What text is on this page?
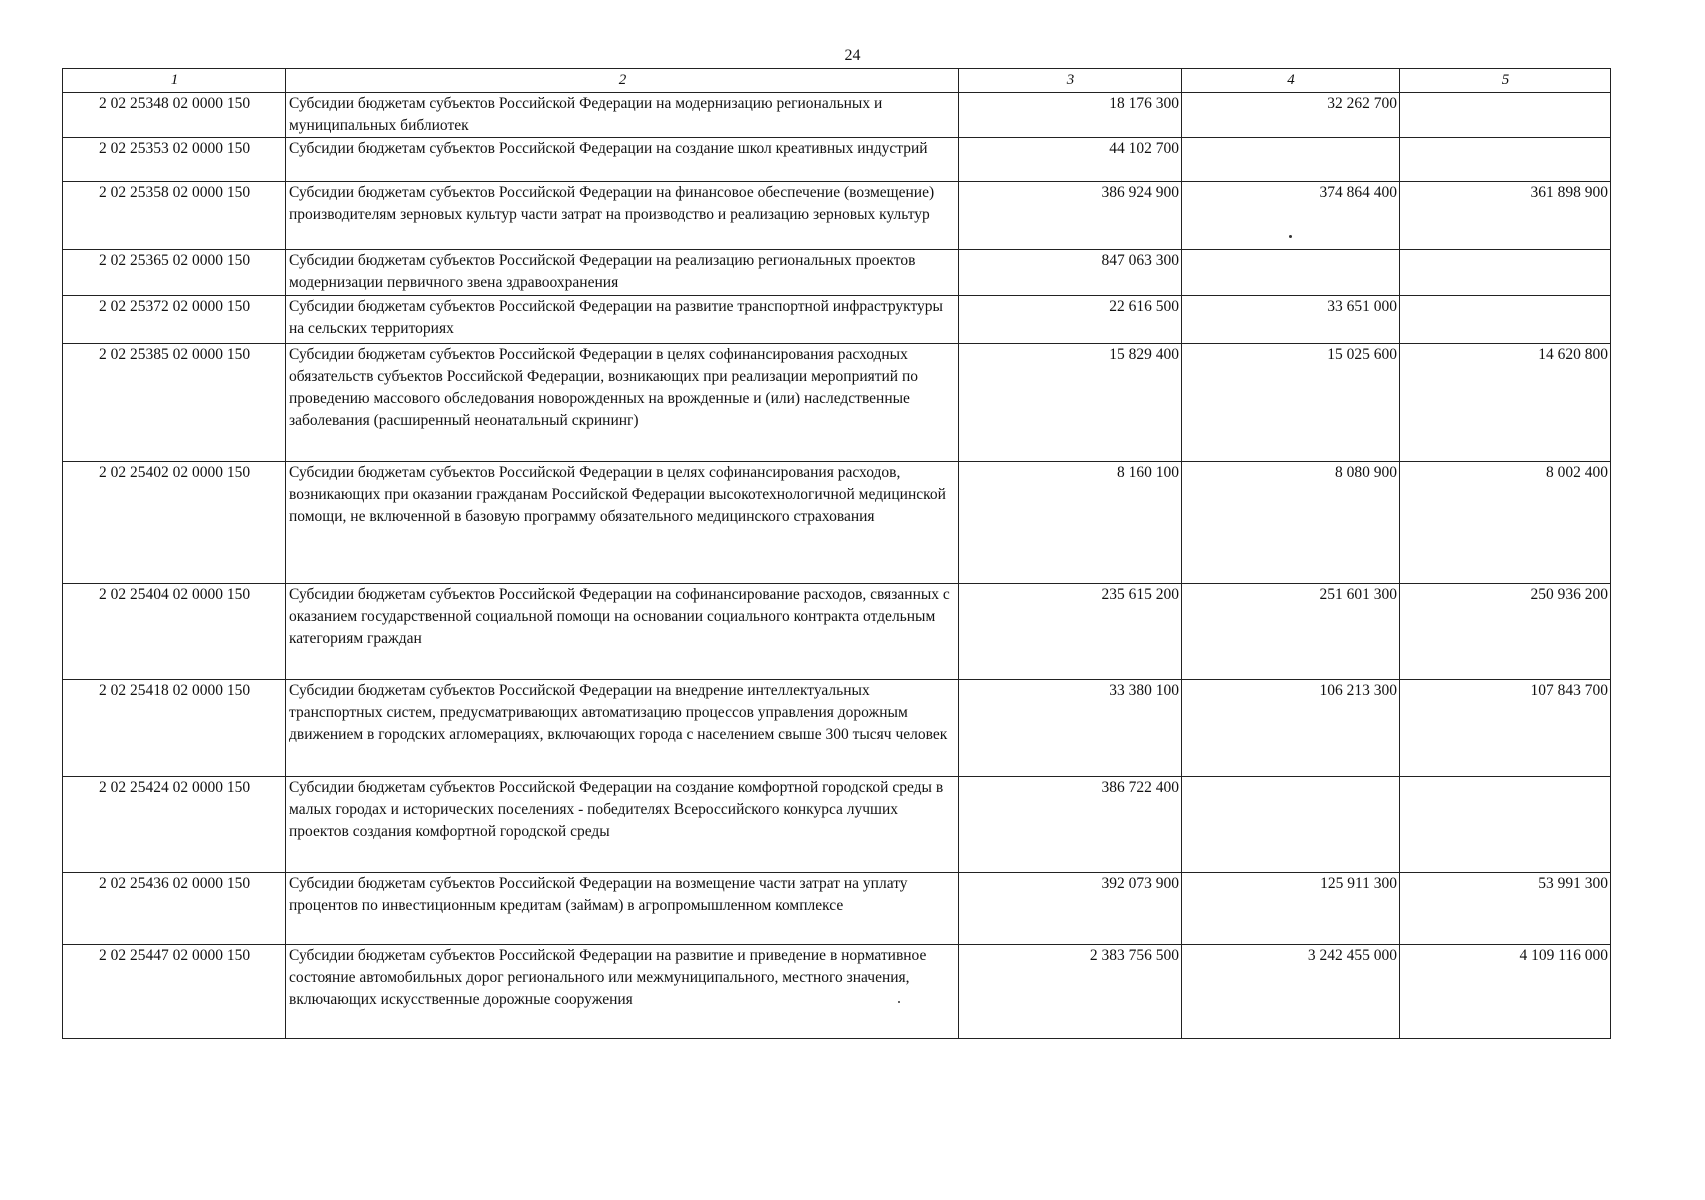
24
1	2	3	4	5
2 02 25348 02 0000 150	Субсидии бюджетам субъектов Российской Федерации на модернизацию региональных и муниципальных библиотек	18 176 300	32 262 700	
2 02 25353 02 0000 150	Субсидии бюджетам субъектов Российской Федерации на создание школ креативных индустрий	44 102 700		
2 02 25358 02 0000 150	Субсидии бюджетам субъектов Российской Федерации на финансовое обеспечение (возмещение) производителям зерновых культур части затрат на производство и реализацию зерновых культур	386 924 900	374 864 400	361 898 900
2 02 25365 02 0000 150	Субсидии бюджетам субъектов Российской Федерации на реализацию региональных проектов модернизации первичного звена здравоохранения	847 063 300		
2 02 25372 02 0000 150	Субсидии бюджетам субъектов Российской Федерации на развитие транспортной инфраструктуры на сельских территориях	22 616 500	33 651 000	
2 02 25385 02 0000 150	Субсидии бюджетам субъектов Российской Федерации в целях софинансирования расходных обязательств субъектов Российской Федерации, возникающих при реализации мероприятий по проведению массового обследования новорожденных на врожденные и (или) наследственные заболевания (расширенный неонатальный скрининг)	15 829 400	15 025 600	14 620 800
2 02 25402 02 0000 150	Субсидии бюджетам субъектов Российской Федерации в целях софинансирования расходов, возникающих при оказании гражданам Российской Федерации высокотехнологичной медицинской помощи, не включенной в базовую программу обязательного медицинского страхования	8 160 100	8 080 900	8 002 400
2 02 25404 02 0000 150	Субсидии бюджетам субъектов Российской Федерации на софинансирование расходов, связанных с оказанием государственной социальной помощи на основании социального контракта отдельным категориям граждан	235 615 200	251 601 300	250 936 200
2 02 25418 02 0000 150	Субсидии бюджетам субъектов Российской Федерации на внедрение интеллектуальных транспортных систем, предусматривающих автоматизацию процессов управления дорожным движением в городских агломерациях, включающих города с населением свыше 300 тысяч человек	33 380 100	106 213 300	107 843 700
2 02 25424 02 0000 150	Субсидии бюджетам субъектов Российской Федерации на создание комфортной городской среды в малых городах и исторических поселениях - победителях Всероссийского конкурса лучших проектов создания комфортной городской среды	386 722 400		
2 02 25436 02 0000 150	Субсидии бюджетам субъектов Российской Федерации на возмещение части затрат на уплату процентов по инвестиционным кредитам (займам) в агропромышленном комплексе	392 073 900	125 911 300	53 991 300
2 02 25447 02 0000 150	Субсидии бюджетам субъектов Российской Федерации на развитие и приведение в нормативное состояние автомобильных дорог регионального или межмуниципального, местного значения, включающих искусственные дорожные сооружения	2 383 756 500	3 242 455 000	4 109 116 000
